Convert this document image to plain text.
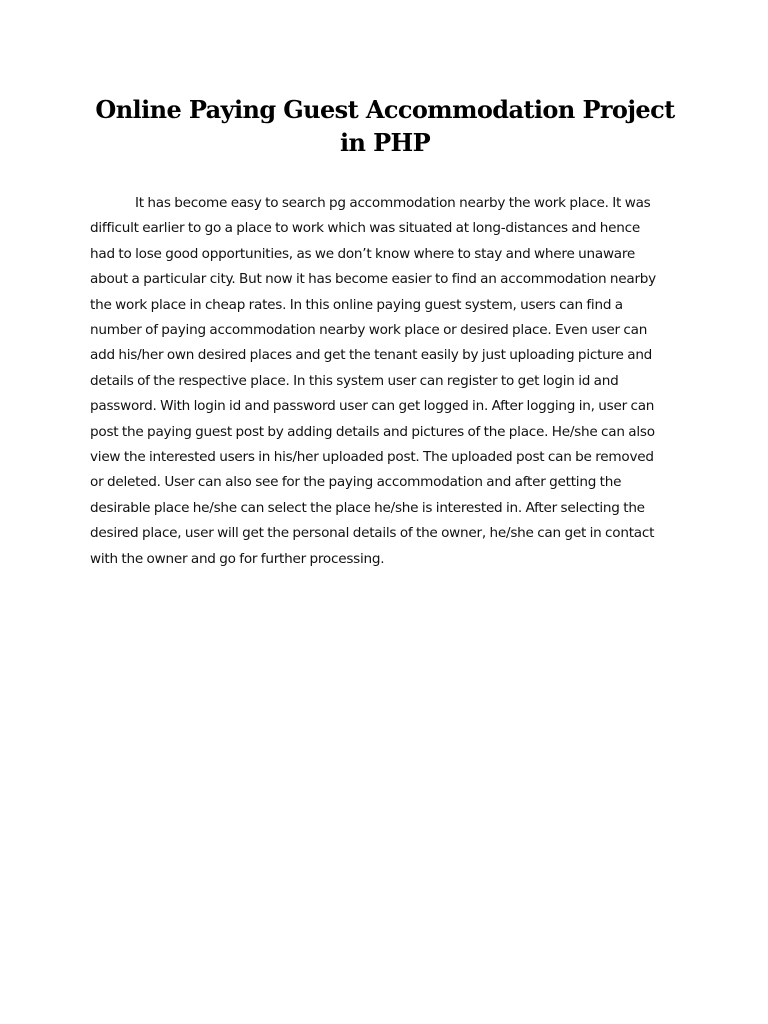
Online Paying Guest Accommodation Project in PHP

It has become easy to search pg accommodation nearby the work place. It was difficult earlier to go a place to work which was situated at long-distances and hence had to lose good opportunities, as we don’t know where to stay and where unaware about a particular city. But now it has become easier to find an accommodation nearby the work place in cheap rates. In this online paying guest system, users can find a number of paying accommodation nearby work place or desired place. Even user can add his/her own desired places and get the tenant easily by just uploading picture and details of the respective place. In this system user can register to get login id and password. With login id and password user can get logged in. After logging in, user can post the paying guest post by adding details and pictures of the place. He/she can also view the interested users in his/her uploaded post. The uploaded post can be removed or deleted. User can also see for the paying accommodation and after getting the desirable place he/she can select the place he/she is interested in. After selecting the desired place, user will get the personal details of the owner, he/she can get in contact with the owner and go for further processing.
